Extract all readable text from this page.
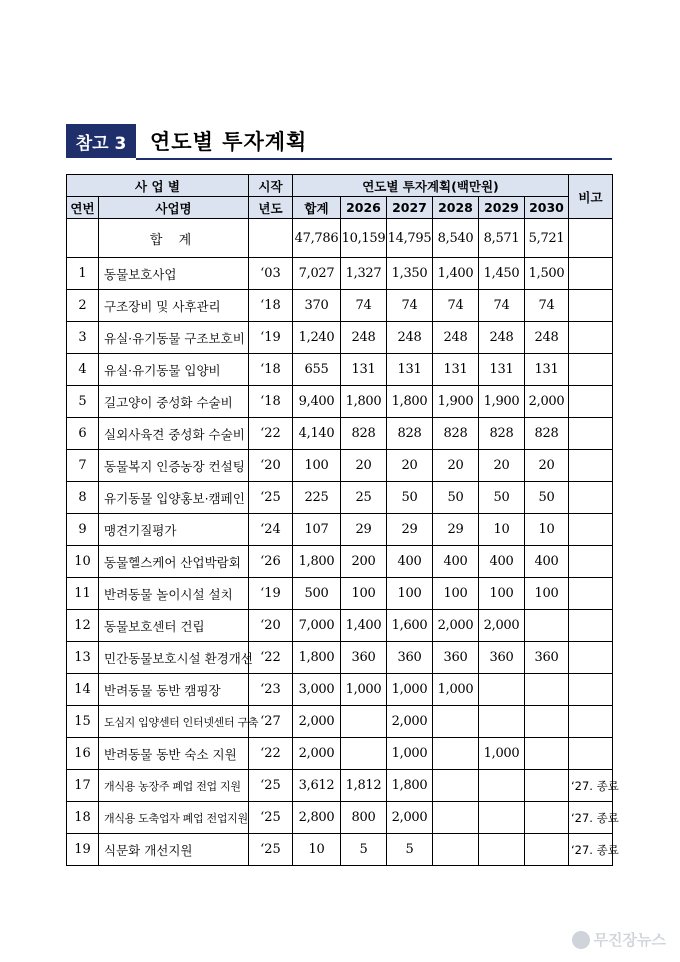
참고 3	연도별 투자계획
사 업 별		시작	연도별 투자계획(백만원)						비고
연번	사업명	년도	합계	2026	2027	2028	2029	2030	
	합 계		47,786	10,159	14,795	8,540	8,571	5,721	
1	동물보호사업	‘03	7,027	1,327	1,350	1,400	1,450	1,500	
2	구조장비 및 사후관리	‘18	370	74	74	74	74	74	
3	유실·유기동물 구조보호비	‘19	1,240	248	248	248	248	248	
4	유실·유기동물 입양비	‘18	655	131	131	131	131	131	
5	길고양이 중성화 수술비	‘18	9,400	1,800	1,800	1,900	1,900	2,000	
6	실외사육견 중성화 수술비	‘22	4,140	828	828	828	828	828	
7	동물복지 인증농장 컨설팅	‘20	100	20	20	20	20	20	
8	유기동물 입양홍보·캠페인	‘25	225	25	50	50	50	50	
9	맹견기질평가	‘24	107	29	29	29	10	10	
10	동물헬스케어 산업박람회	‘26	1,800	200	400	400	400	400	
11	반려동물 놀이시설 설치	‘19	500	100	100	100	100	100	
12	동물보호센터 건립	‘20	7,000	1,400	1,600	2,000	2,000		
13	민간동물보호시설 환경개선	‘22	1,800	360	360	360	360	360	
14	반려동물 동반 캠핑장	‘23	3,000	1,000	1,000	1,000			
15	도심지 입양센터 인터넷센터 구축	‘27	2,000		2,000				
16	반려동물 동반 숙소 지원	‘22	2,000		1,000		1,000		
17	개식용 농장주 폐업 전업 지원	‘25	3,612	1,812	1,800				‘27. 종료
18	개식용 도축업자 폐업 전업지원	‘25	2,800	800	2,000				‘27. 종료
19	식문화 개선지원	‘25	10	5	5				‘27. 종료
무진장뉴스
